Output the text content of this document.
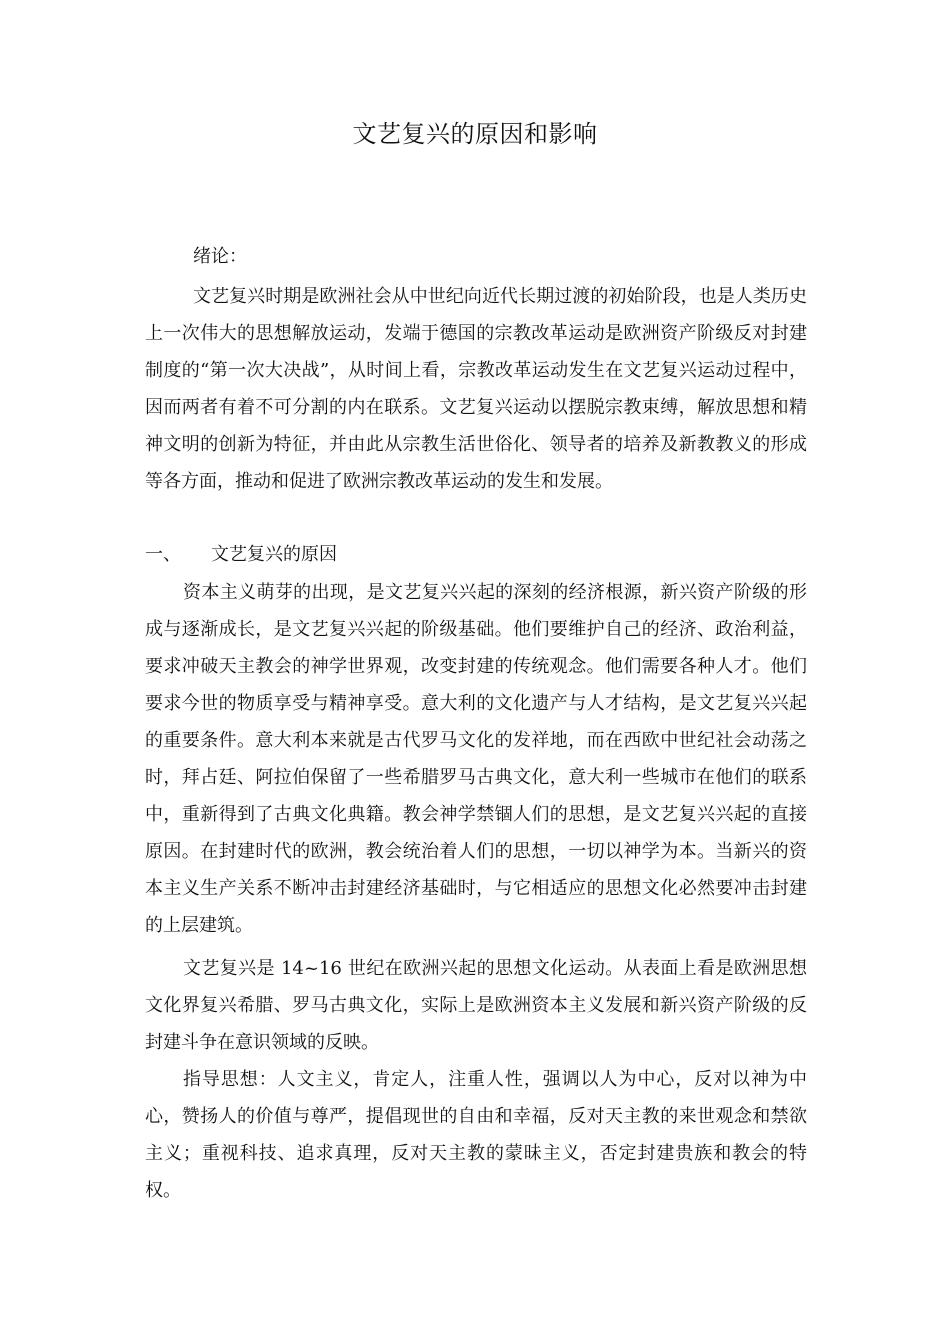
文艺复兴的原因和影响
绪论：

文艺复兴时期是欧洲社会从中世纪向近代长期过渡的初始阶段，也是人类历史上一次伟大的思想解放运动，发端于德国的宗教改革运动是欧洲资产阶级反对封建制度的“第一次大决战”，从时间上看，宗教改革运动发生在文艺复兴运动过程中，因而两者有着不可分割的内在联系。文艺复兴运动以摆脱宗教束缚，解放思想和精神文明的创新为特征，并由此从宗教生活世俗化、领导者的培养及新教教义的形成等各方面，推动和促进了欧洲宗教改革运动的发生和发展。

一、 文艺复兴的原因

资本主义萌芽的出现，是文艺复兴兴起的深刻的经济根源，新兴资产阶级的形成与逐渐成长，是文艺复兴兴起的阶级基础。他们要维护自己的经济、政治利益，要求冲破天主教会的神学世界观，改变封建的传统观念。他们需要各种人才。他们要求今世的物质享受与精神享受。意大利的文化遗产与人才结构，是文艺复兴兴起的重要条件。意大利本来就是古代罗马文化的发祥地，而在西欧中世纪社会动荡之时，拜占廷、阿拉伯保留了一些希腊罗马古典文化，意大利一些城市在他们的联系中，重新得到了古典文化典籍。教会神学禁锢人们的思想，是文艺复兴兴起的直接原因。在封建时代的欧洲，教会统治着人们的思想，一切以神学为本。当新兴的资本主义生产关系不断冲击封建经济基础时，与它相适应的思想文化必然要冲击封建的上层建筑。

文艺复兴是 14~16 世纪在欧洲兴起的思想文化运动。从表面上看是欧洲思想文化界复兴希腊、罗马古典文化，实际上是欧洲资本主义发展和新兴资产阶级的反封建斗争在意识领域的反映。

指导思想：人文主义，肯定人，注重人性，强调以人为中心，反对以神为中心，赞扬人的价值与尊严，提倡现世的自由和幸福，反对天主教的来世观念和禁欲主义；重视科技、追求真理，反对天主教的蒙昧主义，否定封建贵族和教会的特权。
